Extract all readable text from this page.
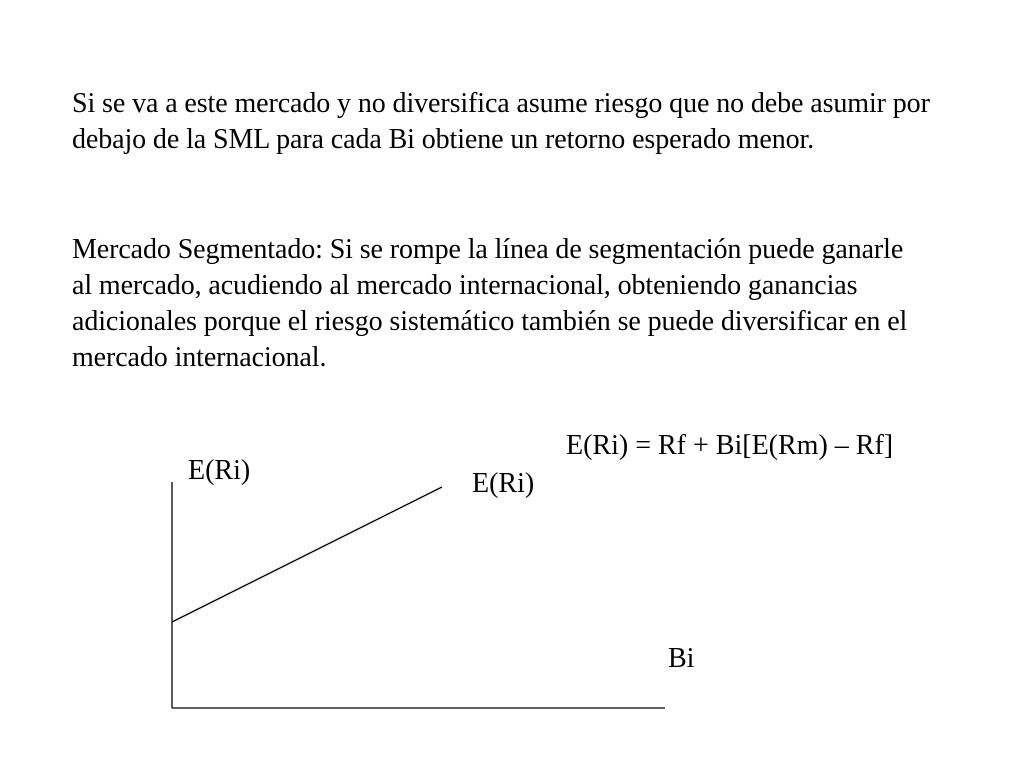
Si se va a este mercado y no diversifica asume riesgo que no debe asumir por debajo de la SML para cada Bi obtiene un retorno esperado menor.

Mercado Segmentado: Si se rompe la línea de segmentación puede ganarle al mercado, acudiendo al mercado internacional, obteniendo ganancias adicionales porque el riesgo sistemático también se puede diversificar en el mercado internacional.

E(Ri) = Rf + Bi[E(Rm) – Rf]
E(Ri)	E(Ri)
Bi
